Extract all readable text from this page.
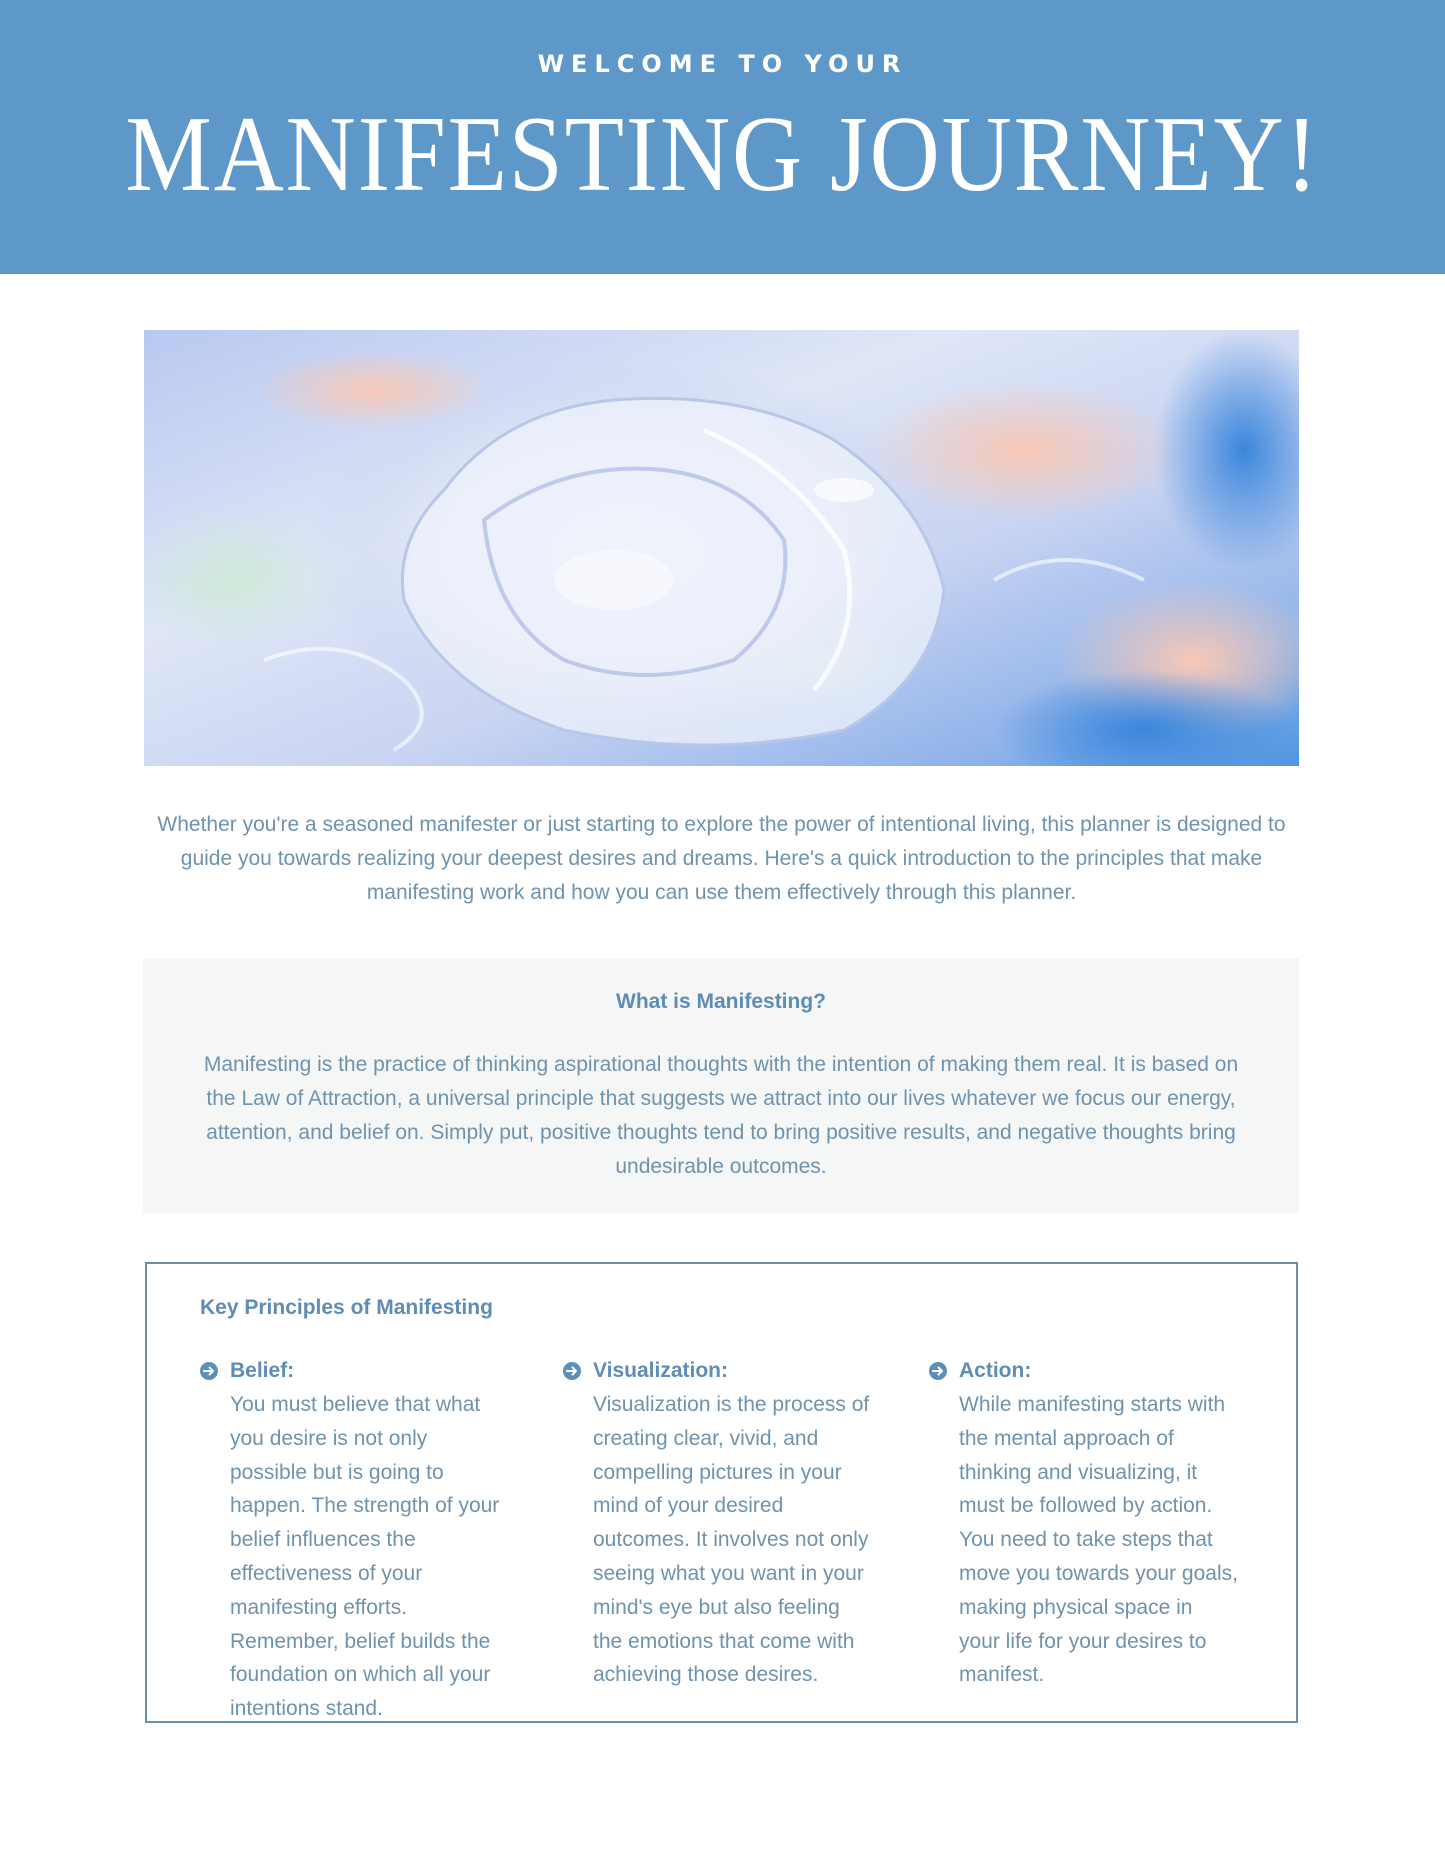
WELCOME TO YOUR
MANIFESTING JOURNEY!
Whether you're a seasoned manifester or just starting to explore the power of intentional living, this planner is designed to guide you towards realizing your deepest desires and dreams. Here's a quick introduction to the principles that make manifesting work and how you can use them effectively through this planner.
What is Manifesting?
Manifesting is the practice of thinking aspirational thoughts with the intention of making them real. It is based on the Law of Attraction, a universal principle that suggests we attract into our lives whatever we focus our energy, attention, and belief on. Simply put, positive thoughts tend to bring positive results, and negative thoughts bring undesirable outcomes.
Key Principles of Manifesting
Belief:
You must believe that what you desire is not only possible but is going to happen. The strength of your belief influences the effectiveness of your manifesting efforts. Remember, belief builds the foundation on which all your intentions stand.
Visualization:
Visualization is the process of creating clear, vivid, and compelling pictures in your mind of your desired outcomes. It involves not only seeing what you want in your mind's eye but also feeling the emotions that come with achieving those desires.
Action:
While manifesting starts with the mental approach of thinking and visualizing, it must be followed by action. You need to take steps that move you towards your goals, making physical space in your life for your desires to manifest.
